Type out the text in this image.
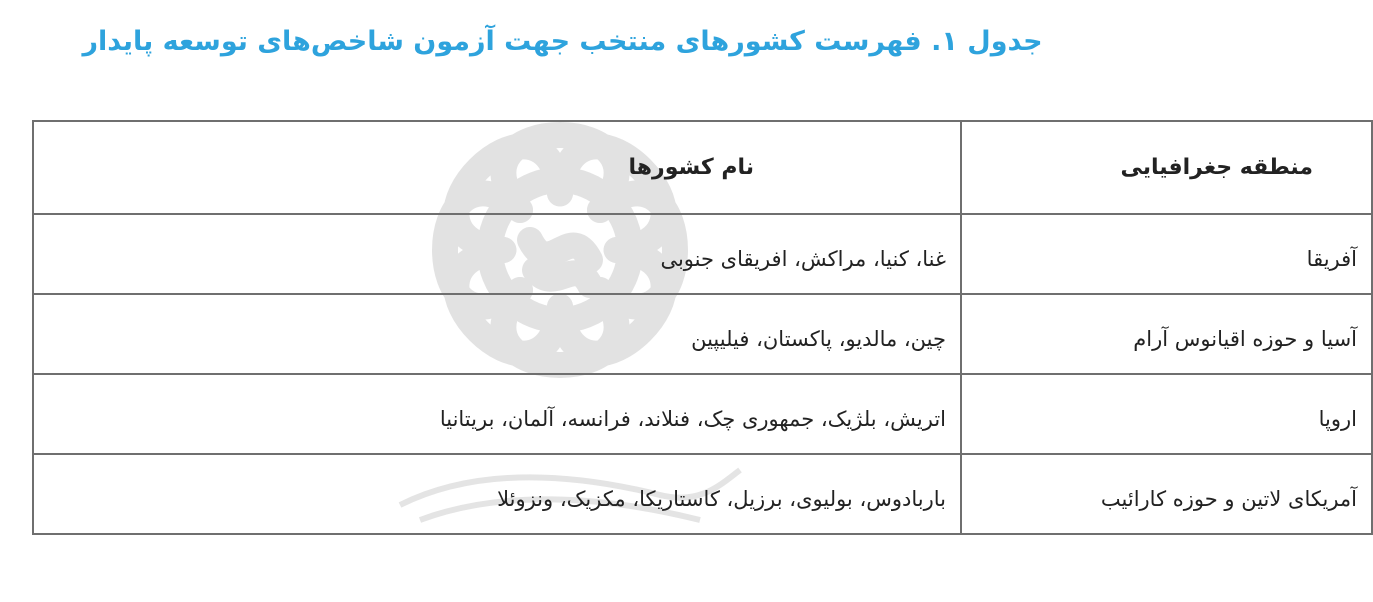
جدول ۱. فهرست کشورهای منتخب جهت آزمون شاخص‌های توسعه پایدار
منطقه جغرافیایی	نام کشورها
آفریقا	غنا، کنیا، مراکش، افریقای جنوبی
آسیا و حوزه اقیانوس آرام	چین، مالدیو، پاکستان، فیلیپین
اروپا	اتریش، بلژیک، جمهوری چک، فنلاند، فرانسه، آلمان، بریتانیا
آمریکای لاتین و حوزه کارائیب	باربادوس، بولیوی، برزیل، کاستاریکا، مکزیک، ونزوئلا
